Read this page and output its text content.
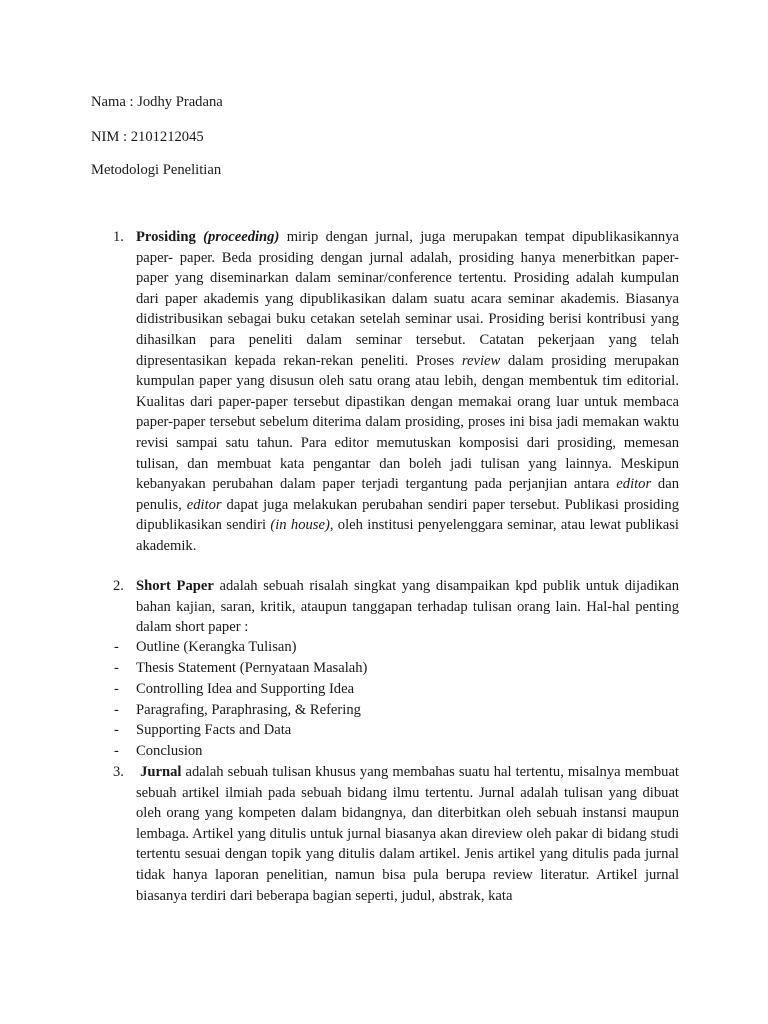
Nama : Jodhy Pradana

NIM : 2101212045

Metodologi Penelitian

1. Prosiding (proceeding) mirip dengan jurnal, juga merupakan tempat dipublikasikannya paper- paper. Beda prosiding dengan jurnal adalah, prosiding hanya menerbitkan paper-paper yang diseminarkan dalam seminar/conference tertentu. Prosiding adalah kumpulan dari paper akademis yang dipublikasikan dalam suatu acara seminar akademis. Biasanya didistribusikan sebagai buku cetakan setelah seminar usai. Prosiding berisi kontribusi yang dihasilkan para peneliti dalam seminar tersebut. Catatan pekerjaan yang telah dipresentasikan kepada rekan-rekan peneliti. Proses review dalam prosiding merupakan kumpulan paper yang disusun oleh satu orang atau lebih, dengan membentuk tim editorial. Kualitas dari paper-paper tersebut dipastikan dengan memakai orang luar untuk membaca paper-paper tersebut sebelum diterima dalam prosiding, proses ini bisa jadi memakan waktu revisi sampai satu tahun. Para editor memutuskan komposisi dari prosiding, memesan tulisan, dan membuat kata pengantar dan boleh jadi tulisan yang lainnya. Meskipun kebanyakan perubahan dalam paper terjadi tergantung pada perjanjian antara editor dan penulis, editor dapat juga melakukan perubahan sendiri paper tersebut. Publikasi prosiding dipublikasikan sendiri (in house), oleh institusi penyelenggara seminar, atau lewat publikasi akademik.
2. Short Paper adalah sebuah risalah singkat yang disampaikan kpd publik untuk dijadikan bahan kajian, saran, kritik, ataupun tanggapan terhadap tulisan orang lain. Hal-hal penting dalam short paper :
- Outline (Kerangka Tulisan)
- Thesis Statement (Pernyataan Masalah)
- Controlling Idea and Supporting Idea
- Paragrafing, Paraphrasing, & Refering
- Supporting Facts and Data
- Conclusion
3. Jurnal adalah sebuah tulisan khusus yang membahas suatu hal tertentu, misalnya membuat sebuah artikel ilmiah pada sebuah bidang ilmu tertentu. Jurnal adalah tulisan yang dibuat oleh orang yang kompeten dalam bidangnya, dan diterbitkan oleh sebuah instansi maupun lembaga. Artikel yang ditulis untuk jurnal biasanya akan direview oleh pakar di bidang studi tertentu sesuai dengan topik yang ditulis dalam artikel. Jenis artikel yang ditulis pada jurnal tidak hanya laporan penelitian, namun bisa pula berupa review literatur. Artikel jurnal biasanya terdiri dari beberapa bagian seperti, judul, abstrak, kata
